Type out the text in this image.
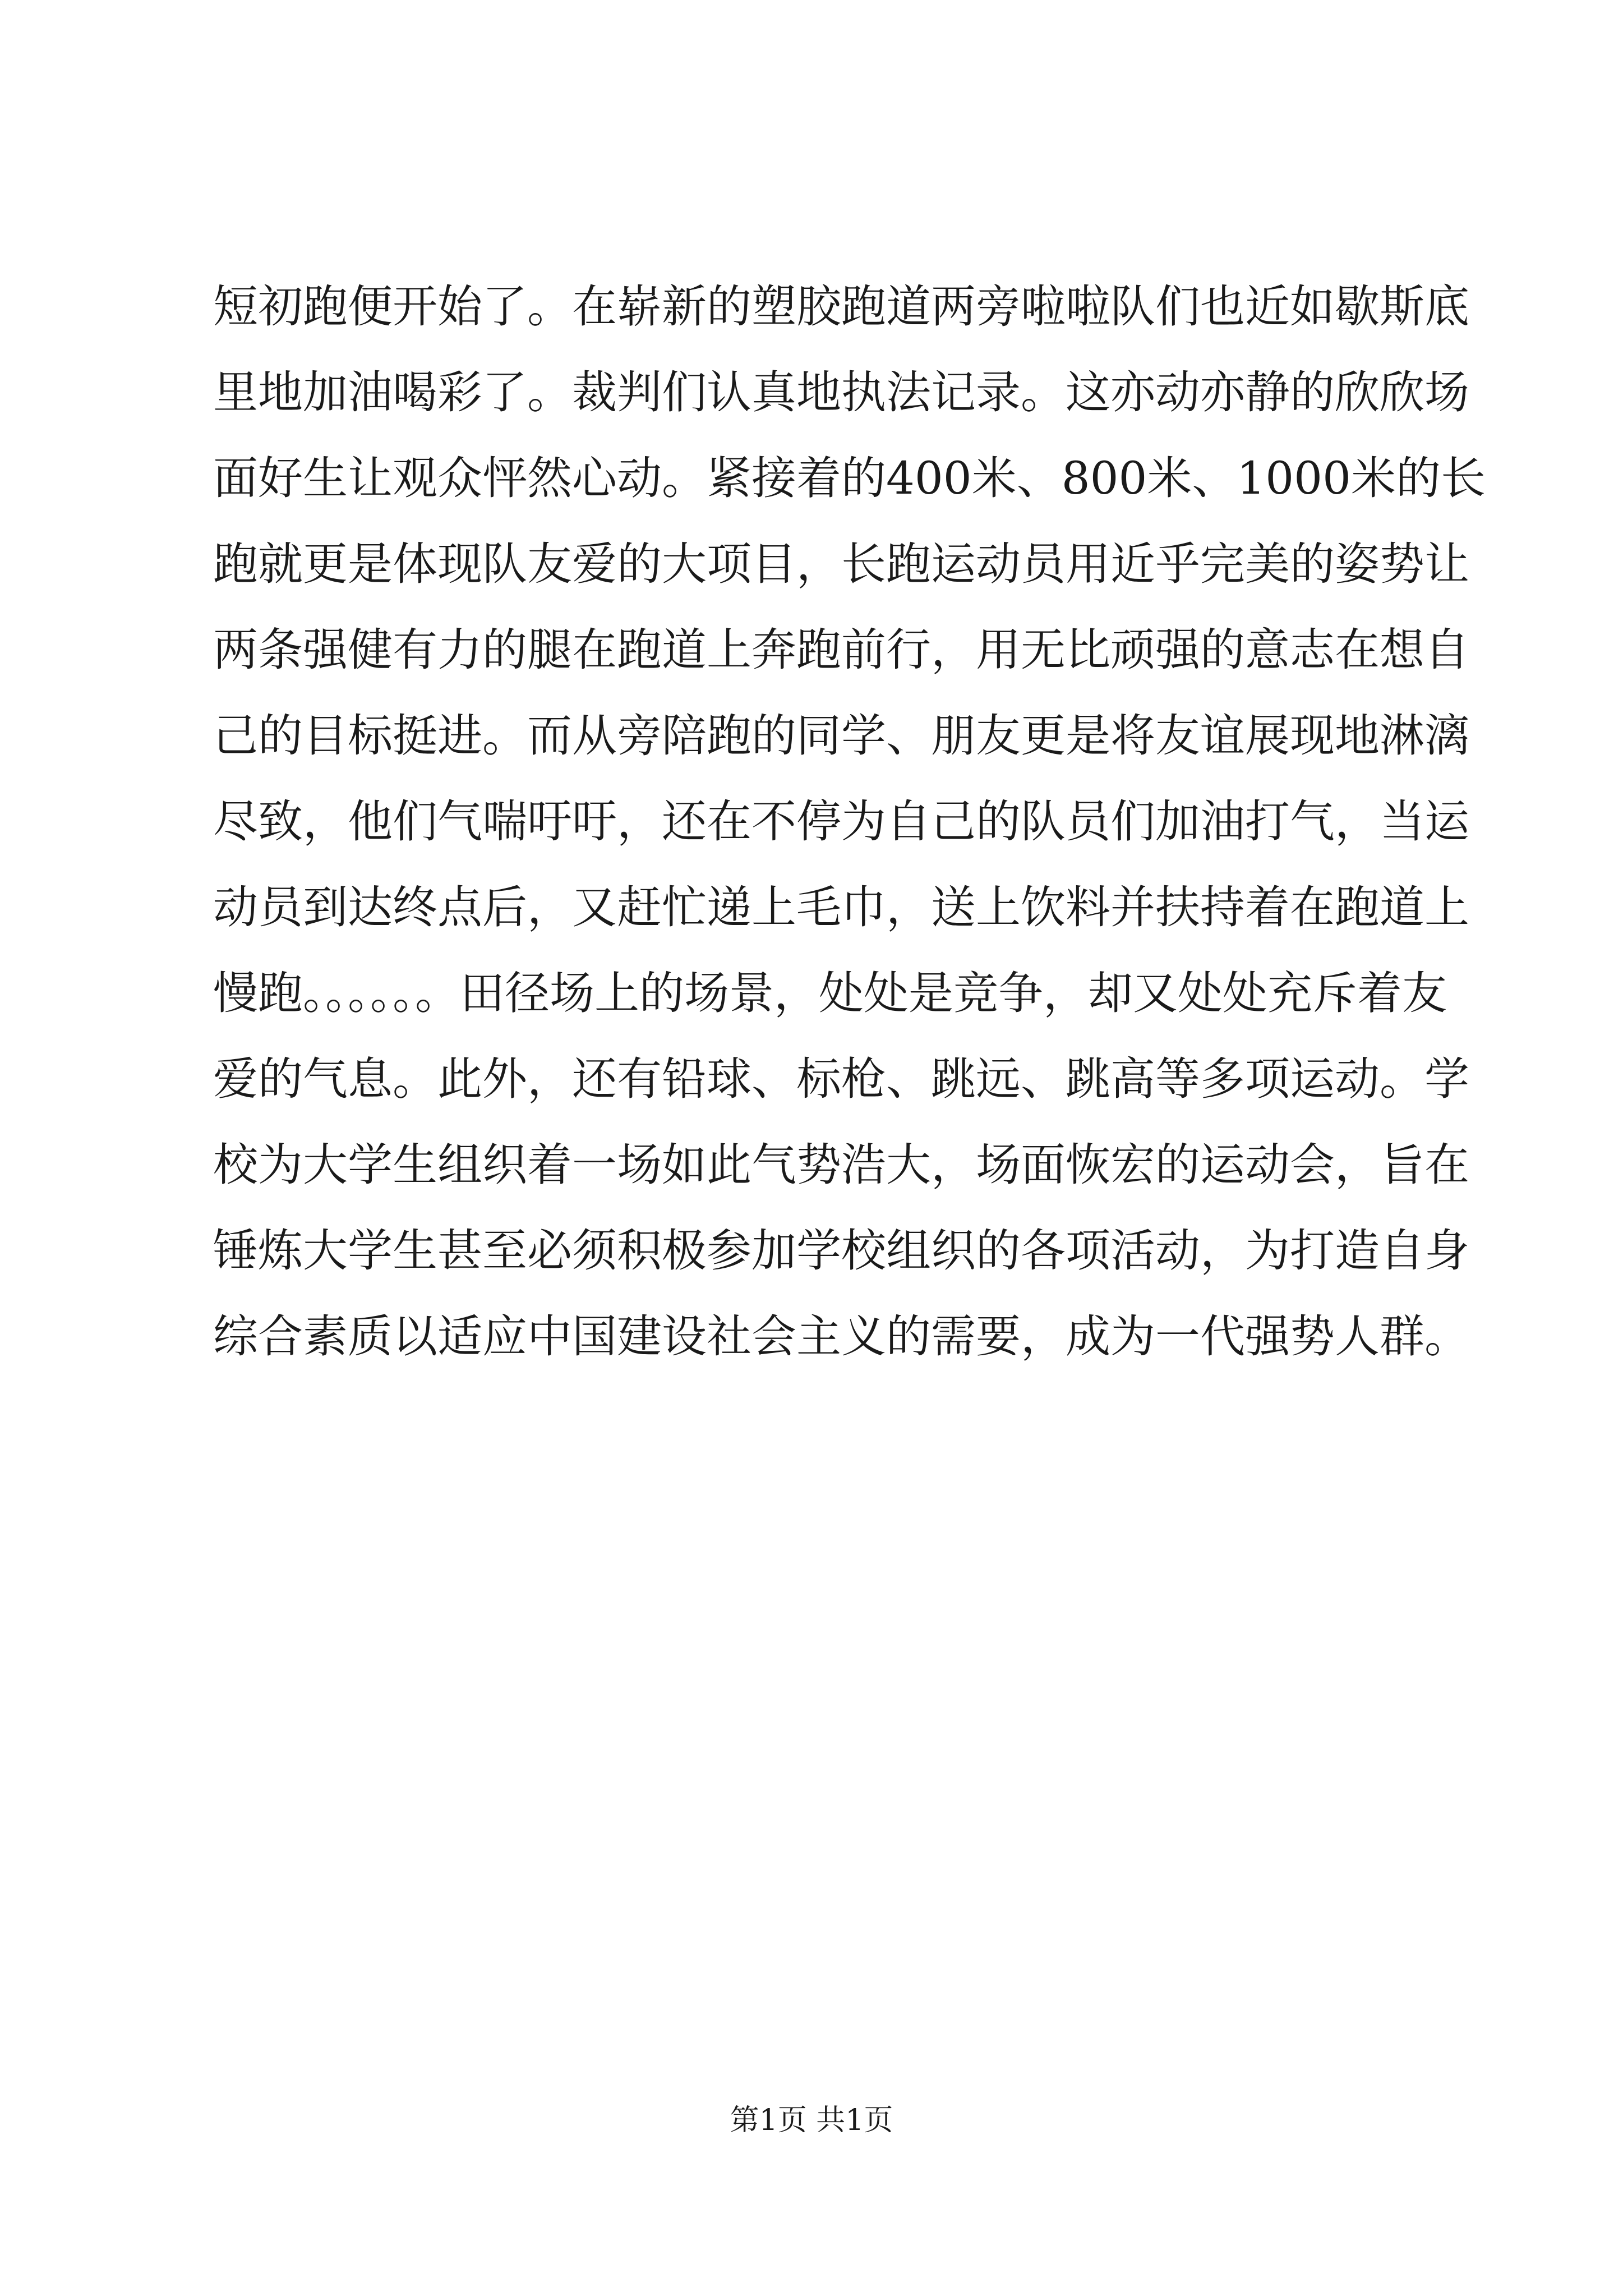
短初跑便开始了。在崭新的塑胶跑道两旁啦啦队们也近如歇斯底
里地加油喝彩了。裁判们认真地执法记录。这亦动亦静的欣欣场
面好生让观众怦然心动。紧接着的400米、800米、1000米的长
跑就更是体现队友爱的大项目，长跑运动员用近乎完美的姿势让
两条强健有力的腿在跑道上奔跑前行，用无比顽强的意志在想自
己的目标挺进。而从旁陪跑的同学、朋友更是将友谊展现地淋漓
尽致，他们气喘吁吁，还在不停为自己的队员们加油打气，当运
动员到达终点后，又赶忙递上毛巾，送上饮料并扶持着在跑道上
慢跑。。。。。。田径场上的场景，处处是竞争，却又处处充斥着友
爱的气息。此外，还有铅球、标枪、跳远、跳高等多项运动。学
校为大学生组织着一场如此气势浩大，场面恢宏的运动会，旨在
锤炼大学生甚至必须积极参加学校组织的各项活动，为打造自身
综合素质以适应中国建设社会主义的需要，成为一代强势人群。
第1页 共1页
